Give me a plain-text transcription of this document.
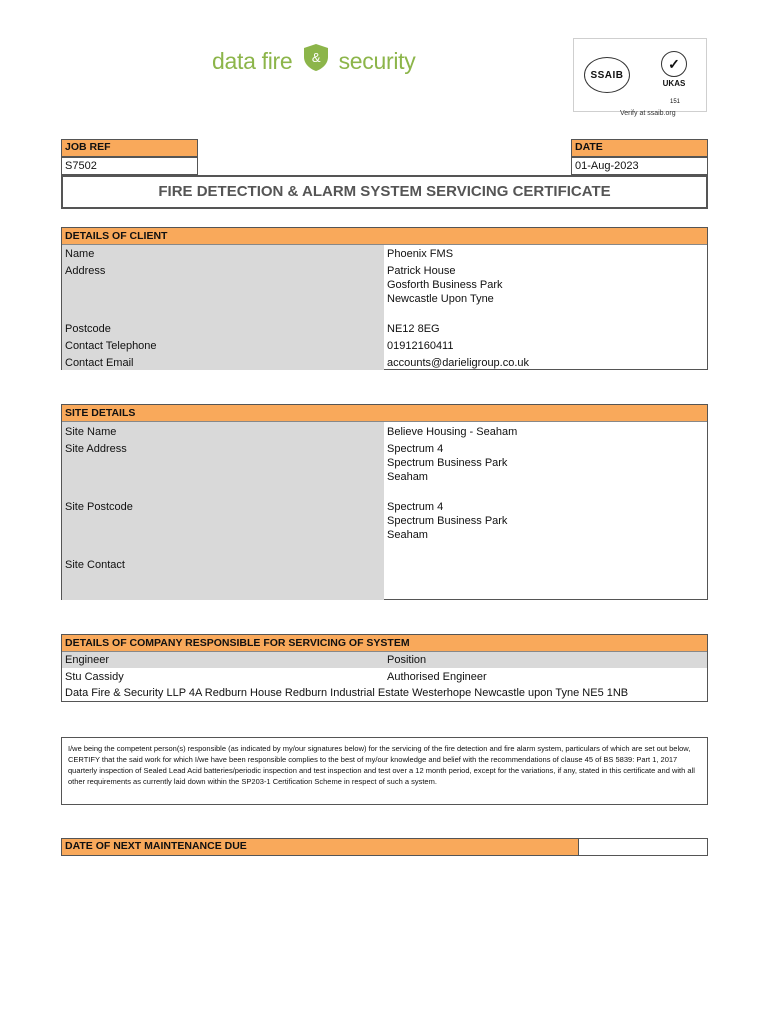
data fire & security
SSAIB
✓
UKAS
151
Verify at ssaib.org
JOB REF
S7502
DATE
01-Aug-2023
FIRE DETECTION & ALARM SYSTEM SERVICING CERTIFICATE
DETAILS OF CLIENT
Name	Phoenix FMS
Address	Patrick House
Gosforth Business Park
Newcastle Upon Tyne
Postcode	NE12 8EG
Contact Telephone	01912160411
Contact Email	accounts@darieligroup.co.uk
SITE DETAILS
Site Name	Believe Housing - Seaham
Site Address	Spectrum 4
Spectrum Business Park
Seaham
Site Postcode	Spectrum 4
Spectrum Business Park
Seaham
Site Contact
DETAILS OF COMPANY RESPONSIBLE FOR SERVICING OF SYSTEM
Engineer	Position
Stu Cassidy	Authorised Engineer
Data Fire & Security LLP 4A Redburn House Redburn Industrial Estate Westerhope Newcastle upon Tyne NE5 1NB
I/we being the competent person(s) responsible (as indicated by my/our signatures below) for the servicing of the fire detection and fire alarm system, particulars of which are set out below, CERTIFY that the said work for which I/we have been responsible complies to the best of my/our knowledge and belief with the recommendations of clause 45 of BS 5839: Part 1, 2017 quarterly inspection of Sealed Lead Acid batteries/periodic inspection and test inspection and test over a 12 month period, except for the variations, if any, stated in this certificate and with all other requirements as currently laid down within the SP203-1 Certification Scheme in respect of such a system.
DATE OF NEXT MAINTENANCE DUE
